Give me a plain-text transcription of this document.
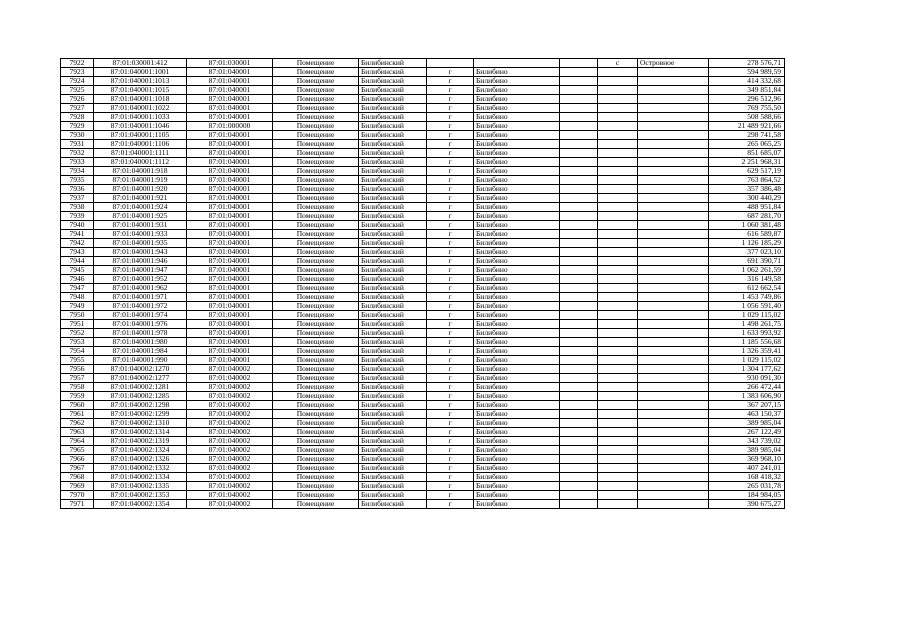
7922	87:01:030001:412	87:01:030001	Помещение	Билибинский				с	Островное	278 576,71
7923	87:01:040001:1001	87:01:040001	Помещение	Билибинский	г	Билибино				594 989,59
7924	87:01:040001:1013	87:01:040001	Помещение	Билибинский	г	Билибино				414 332,68
7925	87:01:040001:1015	87:01:040001	Помещение	Билибинский	г	Билибино				349 851,84
7926	87:01:040001:1018	87:01:040001	Помещение	Билибинский	г	Билибино				296 512,96
7927	87:01:040001:1022	87:01:040001	Помещение	Билибинский	г	Билибино				769 755,50
7928	87:01:040001:1033	87:01:040001	Помещение	Билибинский	г	Билибино				508 588,66
7929	87:01:040001:1046	87:01:000000	Помещение	Билибинский	г	Билибино				21 489 921,66
7930	87:01:040001:1105	87:01:040001	Помещение	Билибинский	г	Билибино				298 741,58
7931	87:01:040001:1106	87:01:040001	Помещение	Билибинский	г	Билибино				265 065,25
7932	87:01:040001:1111	87:01:040001	Помещение	Билибинский	г	Билибино				851 685,07
7933	87:01:040001:1112	87:01:040001	Помещение	Билибинский	г	Билибино				2 251 968,31
7934	87:01:040001:918	87:01:040001	Помещение	Билибинский	г	Билибино				629 517,19
7935	87:01:040001:919	87:01:040001	Помещение	Билибинский	г	Билибино				763 864,52
7936	87:01:040001:920	87:01:040001	Помещение	Билибинский	г	Билибино				357 386,48
7937	87:01:040001:921	87:01:040001	Помещение	Билибинский	г	Билибино				300 440,29
7938	87:01:040001:924	87:01:040001	Помещение	Билибинский	г	Билибино				488 951,84
7939	87:01:040001:925	87:01:040001	Помещение	Билибинский	г	Билибино				687 281,70
7940	87:01:040001:931	87:01:040001	Помещение	Билибинский	г	Билибино				1 060 381,48
7941	87:01:040001:933	87:01:040001	Помещение	Билибинский	г	Билибино				616 589,87
7942	87:01:040001:935	87:01:040001	Помещение	Билибинский	г	Билибино				1 126 185,29
7943	87:01:040001:943	87:01:040001	Помещение	Билибинский	г	Билибино				377 023,10
7944	87:01:040001:946	87:01:040001	Помещение	Билибинский	г	Билибино				691 390,71
7945	87:01:040001:947	87:01:040001	Помещение	Билибинский	г	Билибино				1 062 261,59
7946	87:01:040001:952	87:01:040001	Помещение	Билибинский	г	Билибино				316 149,58
7947	87:01:040001:962	87:01:040001	Помещение	Билибинский	г	Билибино				612 662,54
7948	87:01:040001:971	87:01:040001	Помещение	Билибинский	г	Билибино				1 453 749,86
7949	87:01:040001:972	87:01:040001	Помещение	Билибинский	г	Билибино				1 056 591,40
7950	87:01:040001:974	87:01:040001	Помещение	Билибинский	г	Билибино				1 029 115,02
7951	87:01:040001:976	87:01:040001	Помещение	Билибинский	г	Билибино				1 498 261,75
7952	87:01:040001:978	87:01:040001	Помещение	Билибинский	г	Билибино				1 633 993,92
7953	87:01:040001:980	87:01:040001	Помещение	Билибинский	г	Билибино				1 185 556,68
7954	87:01:040001:984	87:01:040001	Помещение	Билибинский	г	Билибино				1 326 359,41
7955	87:01:040001:990	87:01:040001	Помещение	Билибинский	г	Билибино				1 029 115,02
7956	87:01:040002:1270	87:01:040002	Помещение	Билибинский	г	Билибино				1 304 177,62
7957	87:01:040002:1277	87:01:040002	Помещение	Билибинский	г	Билибино				930 091,30
7958	87:01:040002:1281	87:01:040002	Помещение	Билибинский	г	Билибино				266 472,44
7959	87:01:040002:1285	87:01:040002	Помещение	Билибинский	г	Билибино				1 383 606,90
7960	87:01:040002:1298	87:01:040002	Помещение	Билибинский	г	Билибино				367 207,15
7961	87:01:040002:1299	87:01:040002	Помещение	Билибинский	г	Билибино				463 150,37
7962	87:01:040002:1310	87:01:040002	Помещение	Билибинский	г	Билибино				389 985,04
7963	87:01:040002:1314	87:01:040002	Помещение	Билибинский	г	Билибино				267 122,49
7964	87:01:040002:1319	87:01:040002	Помещение	Билибинский	г	Билибино				343 739,02
7965	87:01:040002:1324	87:01:040002	Помещение	Билибинский	г	Билибино				389 985,04
7966	87:01:040002:1326	87:01:040002	Помещение	Билибинский	г	Билибино				369 968,10
7967	87:01:040002:1332	87:01:040002	Помещение	Билибинский	г	Билибино				407 241,01
7968	87:01:040002:1334	87:01:040002	Помещение	Билибинский	г	Билибино				168 418,32
7969	87:01:040002:1335	87:01:040002	Помещение	Билибинский	г	Билибино				265 031,78
7970	87:01:040002:1353	87:01:040002	Помещение	Билибинский	г	Билибино				184 984,05
7971	87:01:040002:1354	87:01:040002	Помещение	Билибинский	г	Билибино				390 675,27
